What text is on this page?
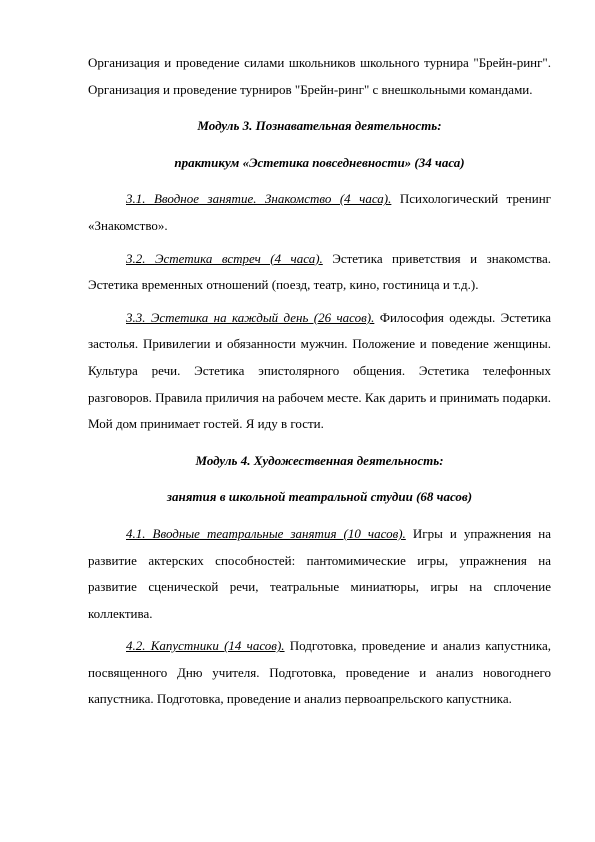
Организация и проведение силами школьников школьного турнира "Брейн-ринг". Организация и проведение турниров "Брейн-ринг" с внешкольными командами.

Модуль 3. Познавательная деятельность:

практикум «Эстетика повседневности» (34 часа)

3.1. Вводное занятие. Знакомство (4 часа). Психологический тренинг «Знакомство».

3.2. Эстетика встреч (4 часа). Эстетика приветствия и знакомства. Эстетика временных отношений (поезд, театр, кино, гостиница и т.д.).

3.3. Эстетика на каждый день (26 часов). Философия одежды. Эстетика застолья. Привилегии и обязанности мужчин. Положение и поведение женщины. Культура речи. Эстетика эпистолярного общения. Эстетика телефонных разговоров. Правила приличия на рабочем месте. Как дарить и принимать подарки. Мой дом принимает гостей. Я иду в гости.

Модуль 4. Художественная деятельность:

занятия в школьной театральной студии (68 часов)

4.1. Вводные театральные занятия (10 часов). Игры и упражнения на развитие актерских способностей: пантомимические игры, упражнения на развитие сценической речи, театральные миниатюры, игры на сплочение коллектива.

4.2. Капустники (14 часов). Подготовка, проведение и анализ капустника, посвященного Дню учителя. Подготовка, проведение и анализ новогоднего капустника. Подготовка, проведение и анализ первоапрельского капустника.
